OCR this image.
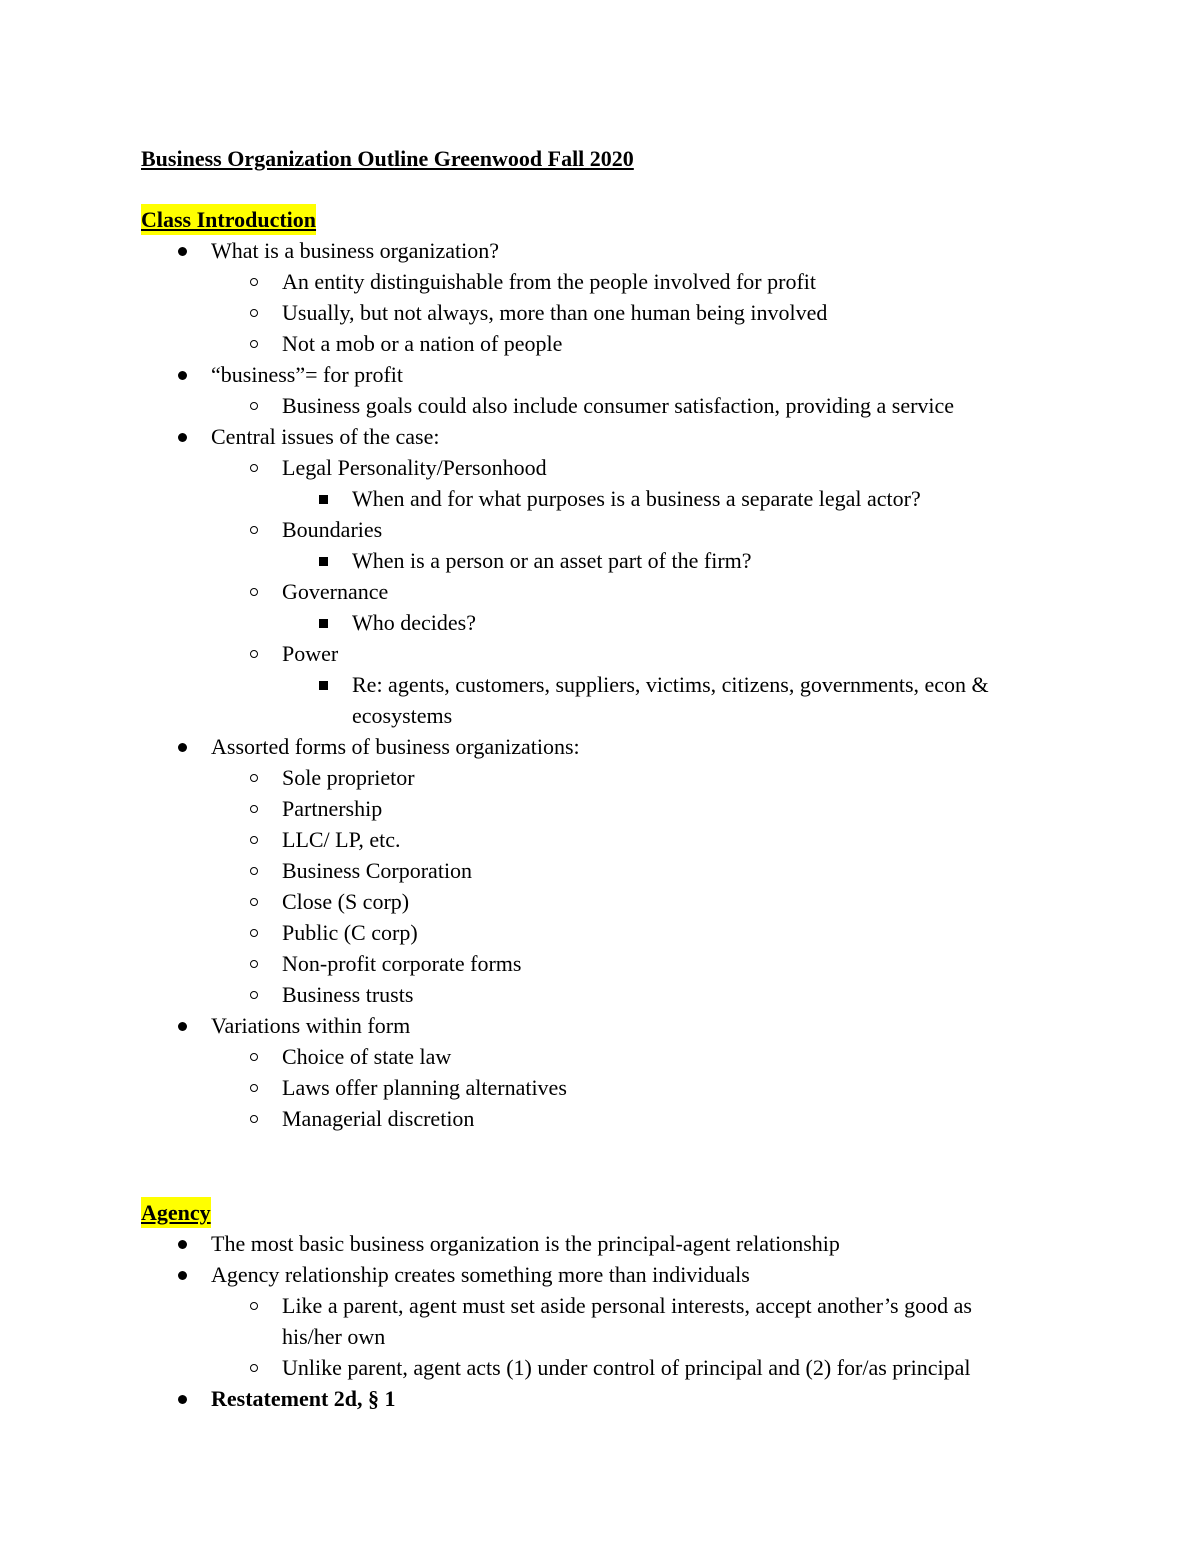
Business Organization Outline Greenwood Fall 2020
Class Introduction
What is a business organization?
An entity distinguishable from the people involved for profit
Usually, but not always, more than one human being involved
Not a mob or a nation of people
“business”= for profit
Business goals could also include consumer satisfaction, providing a service
Central issues of the case:
Legal Personality/Personhood
When and for what purposes is a business a separate legal actor?
Boundaries
When is a person or an asset part of the firm?
Governance
Who decides?
Power
Re: agents, customers, suppliers, victims, citizens, governments, econ &
ecosystems
Assorted forms of business organizations:
Sole proprietor
Partnership
LLC/ LP, etc.
Business Corporation
Close (S corp)
Public (C corp)
Non-profit corporate forms
Business trusts
Variations within form
Choice of state law
Laws offer planning alternatives
Managerial discretion
Agency
The most basic business organization is the principal-agent relationship
Agency relationship creates something more than individuals
Like a parent, agent must set aside personal interests, accept another’s good as
his/her own
Unlike parent, agent acts (1) under control of principal and (2) for/as principal
Restatement 2d, § 1
